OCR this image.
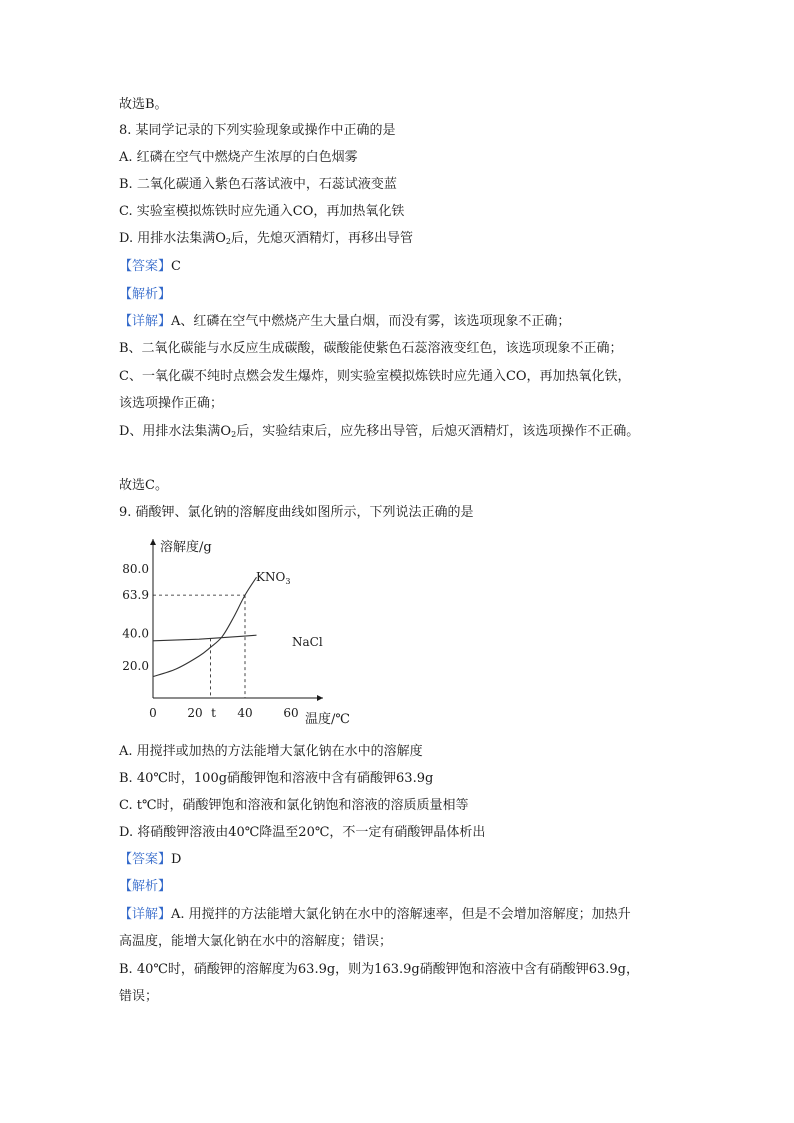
故选B。
8. 某同学记录的下列实验现象或操作中正确的是
A. 红磷在空气中燃烧产生浓厚的白色烟雾
B. 二氧化碳通入紫色石落试液中，石蕊试液变蓝
C. 实验室模拟炼铁时应先通入CO，再加热氧化铁
D. 用排水法集满$O_2$后，先熄灭酒精灯，再移出导管
【答案】C
【解析】
【详解】A、红磷在空气中燃烧产生大量白烟，而没有雾，该选项现象不正确；
B、二氧化碳能与水反应生成碳酸，碳酸能使紫色石蕊溶液变红色，该选项现象不正确；
C、一氧化碳不纯时点燃会发生爆炸，则实验室模拟炼铁时应先通入CO，再加热氧化铁，
该选项操作正确；
D、用排水法集满$O_2$后，实验结束后，应先移出导管，后熄灭酒精灯，该选项操作不正确。
故选C。
9. 硝酸钾、氯化钠的溶解度曲线如图所示，下列说法正确的是
20.0
40.0
63.9
80.0
0	20 t 40	60
$KNO_3$
NaCl
溶解度/g
温度/℃
A. 用搅拌或加热的方法能增大氯化钠在水中的溶解度
B. 40℃时，100g硝酸钾饱和溶液中含有硝酸钾63.9g
C. t℃时，硝酸钾饱和溶液和氯化钠饱和溶液的溶质质量相等
D. 将硝酸钾溶液由40℃降温至20℃，不一定有硝酸钾晶体析出
【答案】D
【解析】
【详解】A. 用搅拌的方法能增大氯化钠在水中的溶解速率，但是不会增加溶解度；加热升
高温度，能增大氯化钠在水中的溶解度；错误；
B. 40℃时，硝酸钾的溶解度为63.9g，则为163.9g硝酸钾饱和溶液中含有硝酸钾63.9g，
错误；
